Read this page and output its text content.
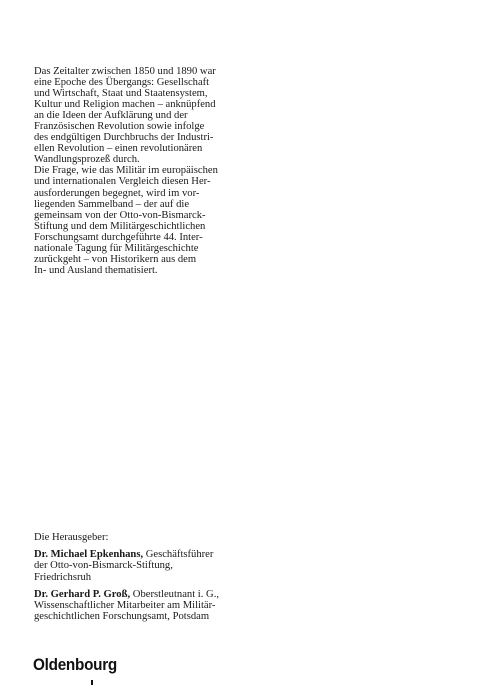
Das Zeitalter zwischen 1850 und 1890 war
eine Epoche des Übergangs: Gesellschaft
und Wirtschaft, Staat und Staatensystem,
Kultur und Religion machen – anknüpfend
an die Ideen der Aufklärung und der
Französischen Revolution sowie infolge
des endgültigen Durchbruchs der Industri-
ellen Revolution – einen revolutionären
Wandlungsprozeß durch.
Die Frage, wie das Militär im europäischen
und internationalen Vergleich diesen Her-
ausforderungen begegnet, wird im vor-
liegenden Sammelband – der auf die
gemeinsam von der Otto-von-Bismarck-
Stiftung und dem Militärgeschichtlichen
Forschungsamt durchgeführte 44. Inter-
nationale Tagung für Militärgeschichte
zurückgeht – von Historikern aus dem
In- und Ausland thematisiert.
Die Herausgeber:
Dr. Michael Epkenhans, Geschäftsführer
der Otto-von-Bismarck-Stiftung,
Friedrichsruh
Dr. Gerhard P. Groß, Oberstleutnant i. G.,
Wissenschaftlicher Mitarbeiter am Militär-
geschichtlichen Forschungsamt, Potsdam
Oldenbourg
